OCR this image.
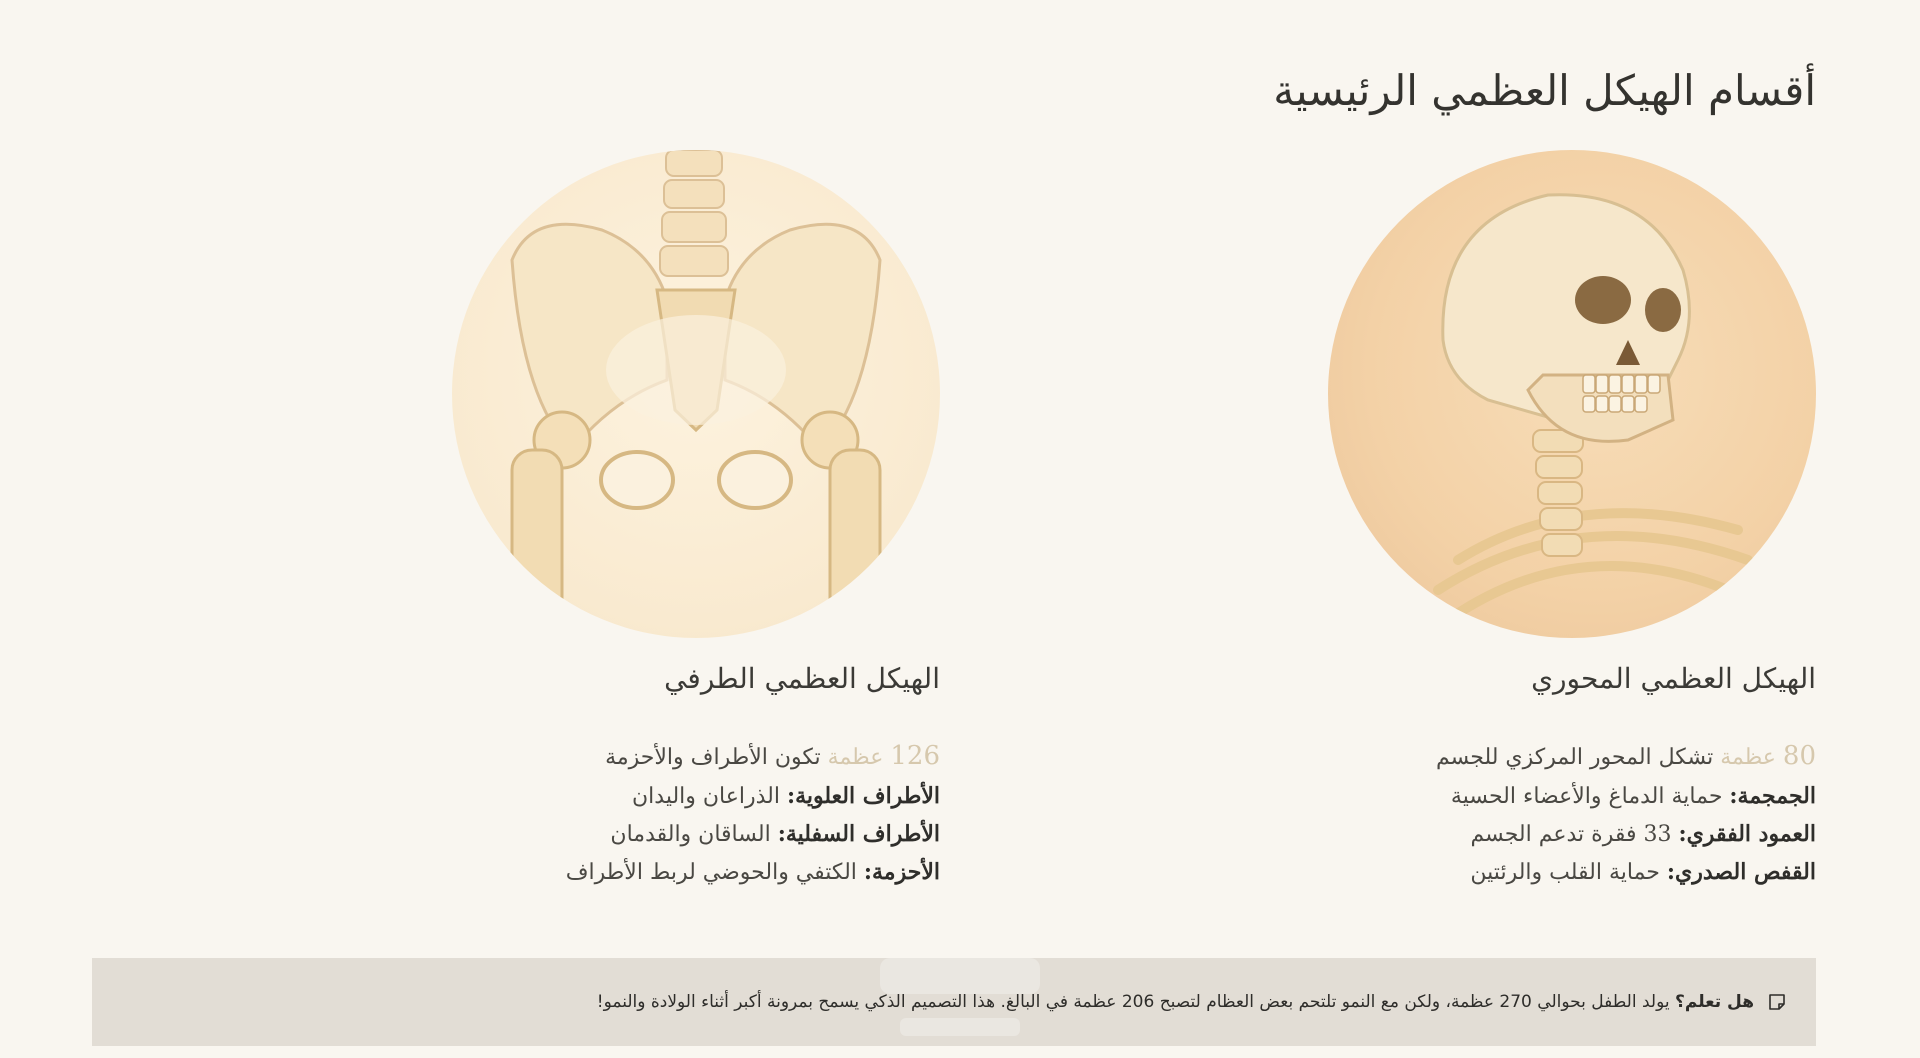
أقسام الهيكل العظمي الرئيسية
الهيكل العظمي المحوري
80 عظمة تشكل المحور المركزي للجسم
الجمجمة: حماية الدماغ والأعضاء الحسية
العمود الفقري: 33 فقرة تدعم الجسم
القفص الصدري: حماية القلب والرئتين
الهيكل العظمي الطرفي
126 عظمة تكون الأطراف والأحزمة
الأطراف العلوية: الذراعان واليدان
الأطراف السفلية: الساقان والقدمان
الأحزمة: الكتفي والحوضي لربط الأطراف
هل تعلم؟ يولد الطفل بحوالي 270 عظمة، ولكن مع النمو تلتحم بعض العظام لتصبح 206 عظمة في البالغ. هذا التصميم الذكي يسمح بمرونة أكبر أثناء الولادة والنمو!
